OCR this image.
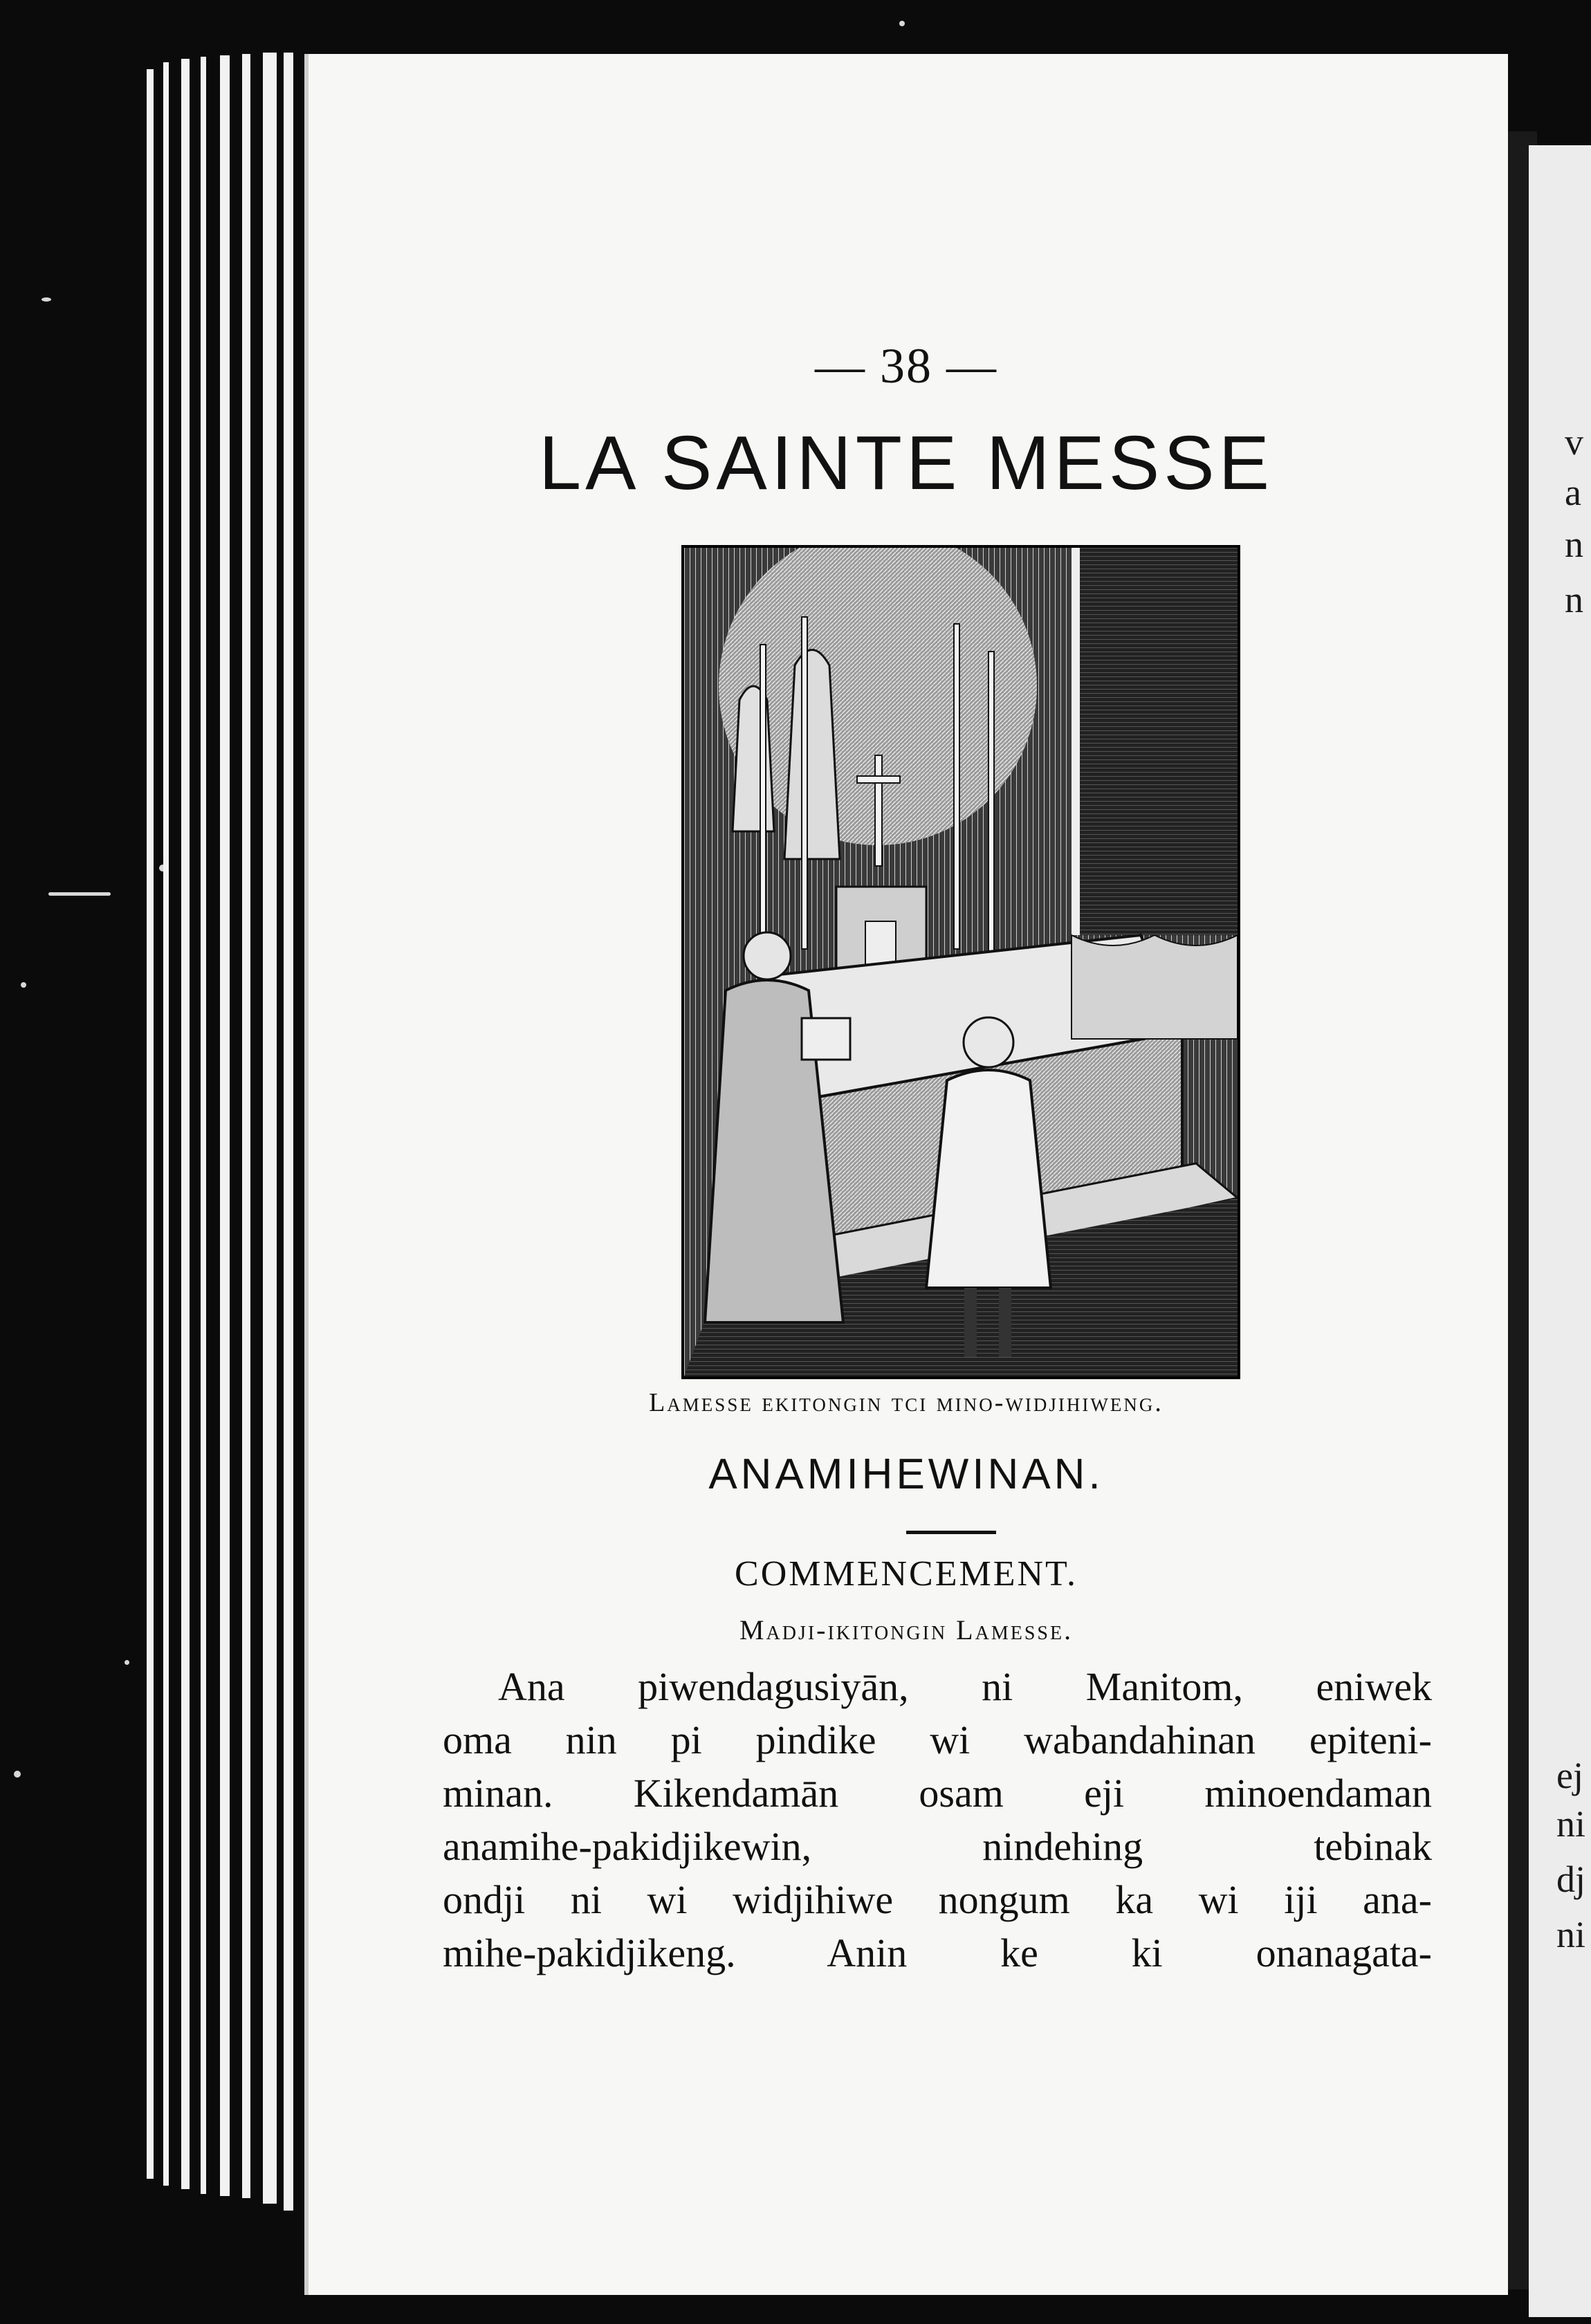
v
a
n
n
ej
ni
dj
ni
— 38 —
LA SAINTE MESSE
Lamesse ekitongin tci mino-widjihiweng.
ANAMIHEWINAN.
COMMENCEMENT.
Madji-ikitongin Lamesse.
Ana piwendagusiyān, ni Manitom, eniwek
oma nin pi pindike wi wabandahinan epiteni-
minan. Kikendamān osam eji minoendaman
anamihe-pakidjikewin, nindehing tebinak
ondji ni wi widjihiwe nongum ka wi iji ana-
mihe-pakidjikeng. Anin ke ki onanagata-
